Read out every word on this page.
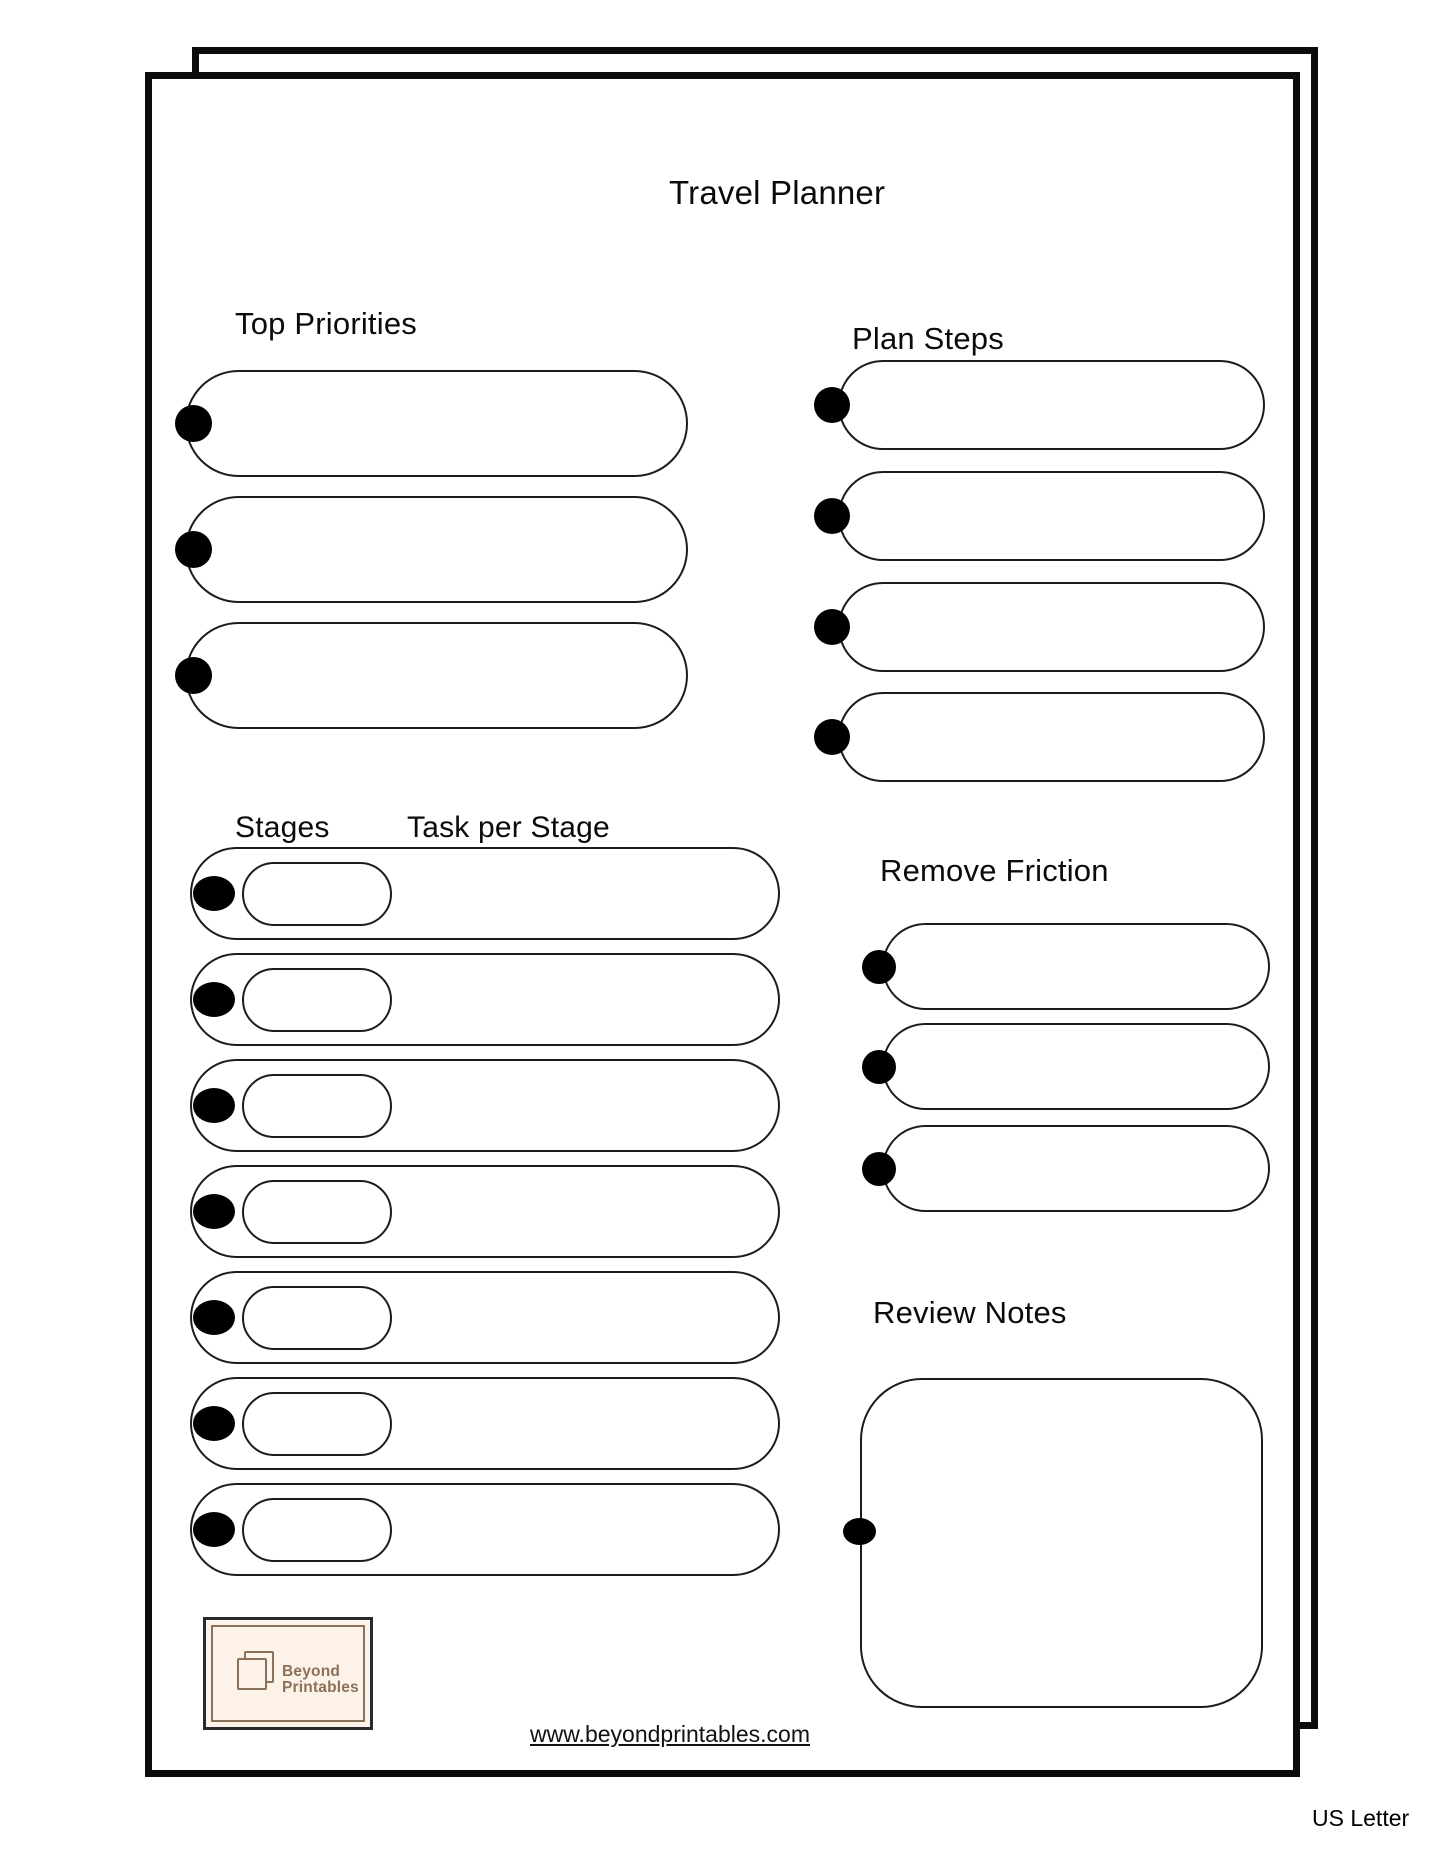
Travel Planner
Top Priorities	Plan Steps
Stages	Task per Stage
Remove Friction
Review Notes
Beyond
Printables
www.beyondprintables.com
US Letter
